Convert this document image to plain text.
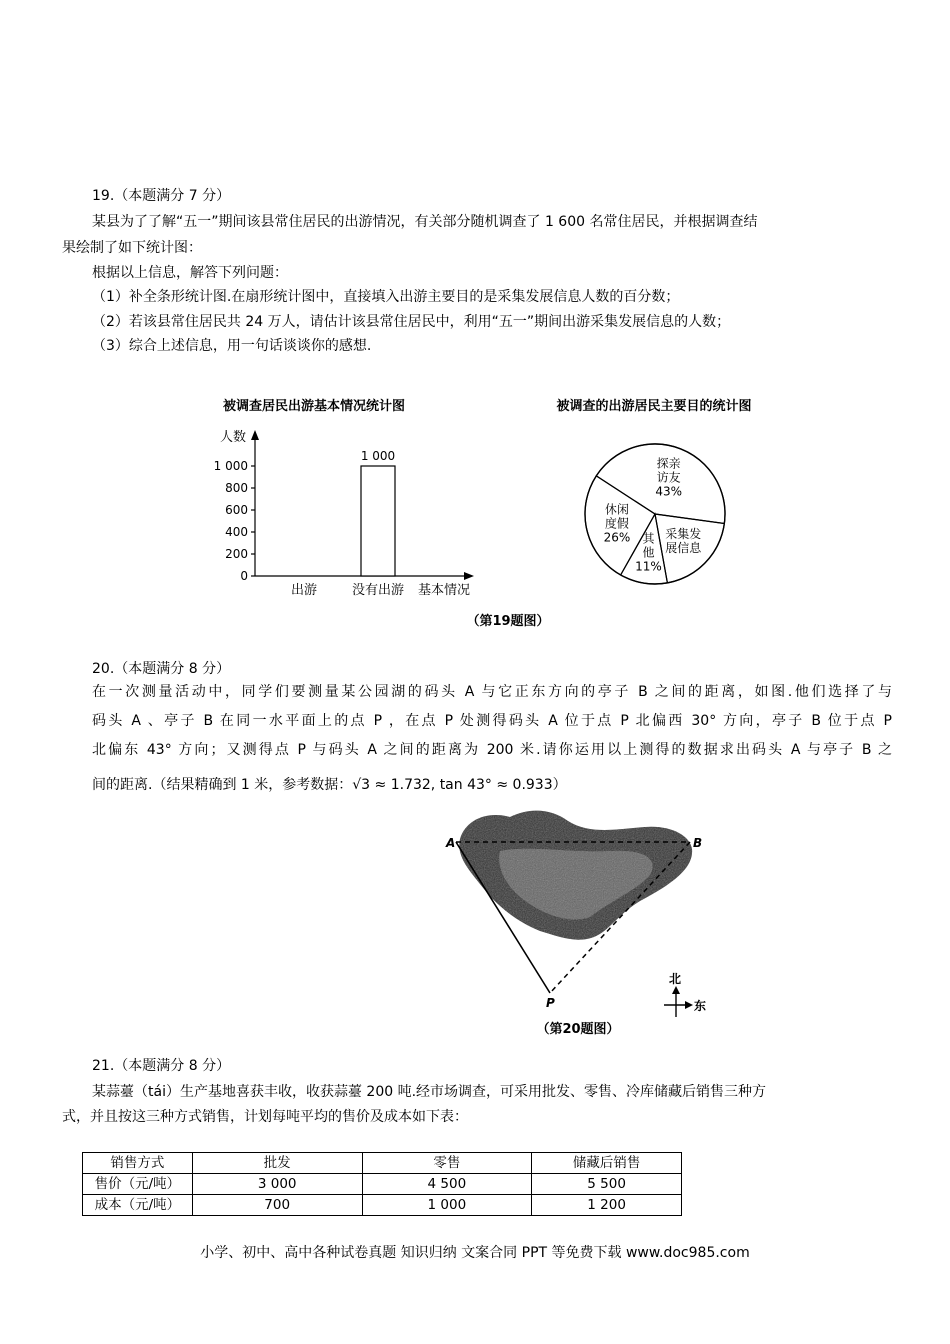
19.（本题满分 7 分）
某县为了了解“五一”期间该县常住居民的出游情况，有关部分随机调查了 1 600 名常住居民，并根据调查结
果绘制了如下统计图：
根据以上信息，解答下列问题：
（1）补全条形统计图.在扇形统计图中，直接填入出游主要目的是采集发展信息人数的百分数；
（2）若该县常住居民共 24 万人，请估计该县常住居民中，利用“五一”期间出游采集发展信息的人数；
（3）综合上述信息，用一句话谈谈你的感想.
被调查居民出游基本情况统计图
人数
0
200
400
600
800
1 000
1 000
出游	没有出游 基本情况
被调查的出游居民主要目的统计图
探亲
访友
43%
采集发
展信息
其
他
11%
休闲
度假
26%
（第19题图）
20.（本题满分 8 分）
在一次测量活动中，同学们要测量某公园湖的码头 A 与它正东方向的亭子 B 之间的距离，如图.他们选择了与
码头 A 、亭子 B 在同一水平面上的点 P ，在点 P 处测得码头 A 位于点 P 北偏西 30° 方向，亭子 B 位于点 P
北偏东 43° 方向；又测得点 P 与码头 A 之间的距离为 200 米.请你运用以上测得的数据求出码头 A 与亭子 B 之
间的距离.（结果精确到 1 米，参考数据：√3 ≈ 1.732, tan 43° ≈ 0.933）
A	B
P
北
东
（第20题图）
21.（本题满分 8 分）
某蒜薹（tái）生产基地喜获丰收，收获蒜薹 200 吨.经市场调查，可采用批发、零售、冷库储藏后销售三种方
式，并且按这三种方式销售，计划每吨平均的售价及成本如下表：
销售方式	批发	零售	储藏后销售
售价（元/吨）	3 000	4 500	5 500
成本（元/吨）	700	1 000	1 200
小学、初中、高中各种试卷真题 知识归纳 文案合同 PPT 等免费下载 www.doc985.com
